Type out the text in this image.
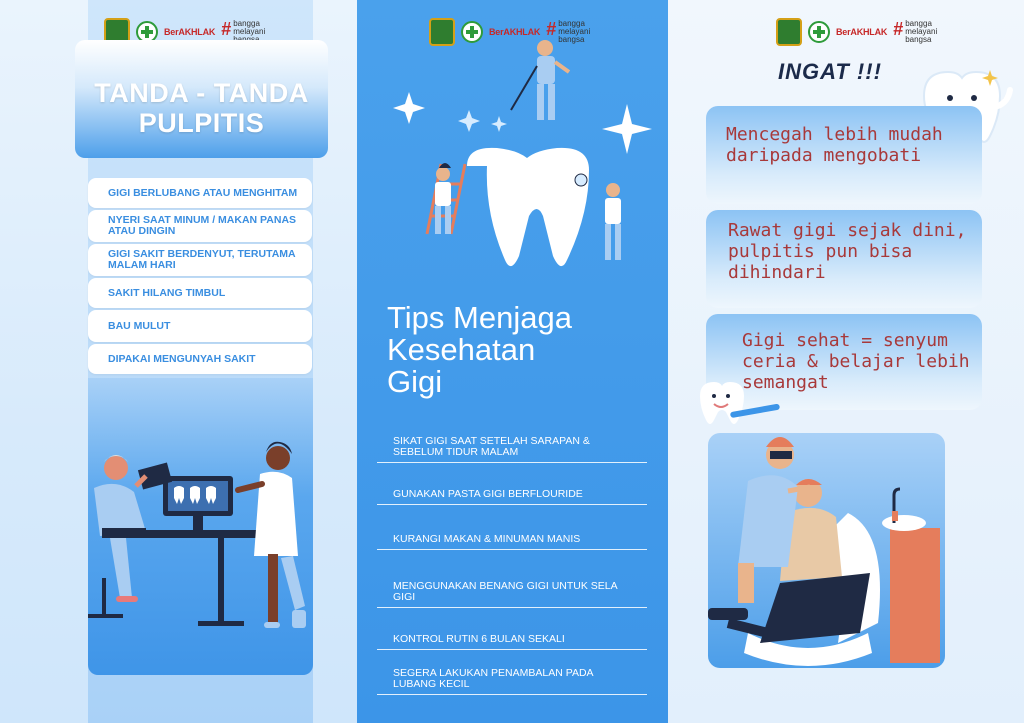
BerAKHLAK # bangga
melayani
TANDA - TANDA
PULPITIS
GIGI BERLUBANG ATAU MENGHITAM
NYERI SAAT MINUM / MAKAN PANAS ATAU DINGIN
GIGI SAKIT BERDENYUT, TERUTAMA MALAM HARI
SAKIT HILANG TIMBUL
BAU MULUT
DIPAKAI MENGUNYAH SAKIT
BerAKHLAK # bangga
melayani
bangsa
Tips Menjaga
Kesehatan
Gigi
SIKAT GIGI SAAT SETELAH SARAPAN & SEBELUM TIDUR MALAM
GUNAKAN PASTA GIGI BERFLOURIDE
KURANGI MAKAN & MINUMAN MANIS
MENGGUNAKAN BENANG GIGI UNTUK SELA GIGI
KONTROL RUTIN 6 BULAN SEKALI
SEGERA LAKUKAN PENAMBALAN PADA LUBANG KECIL
BerAKHLAK # bangga
melayani
bangsa
INGAT !!!
Mencegah lebih mudah daripada mengobati
Rawat gigi sejak dini, pulpitis pun bisa dihindari
Gigi sehat = senyum ceria & belajar lebih semangat
